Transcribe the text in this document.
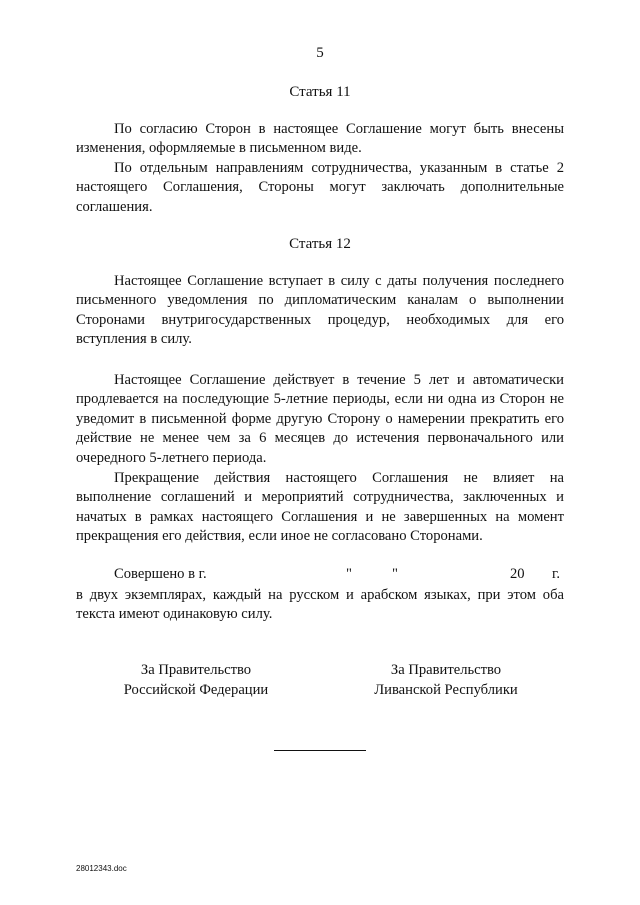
5
Статья 11
По согласию Сторон в настоящее Соглашение могут быть внесены изменения, оформляемые в письменном виде.
По отдельным направлениям сотрудничества, указанным в статье 2 настоящего Соглашения, Стороны могут заключать дополнительные соглашения.
Статья 12
Настоящее Соглашение вступает в силу с даты получения последнего письменного уведомления по дипломатическим каналам о выполнении Сторонами внутригосударственных процедур, необходимых для его вступления в силу.
Настоящее Соглашение действует в течение 5 лет и автоматически продлевается на последующие 5-летние периоды, если ни одна из Сторон не уведомит в письменной форме другую Сторону о намерении прекратить его действие не менее чем за 6 месяцев до истечения первоначального или очередного 5-летнего периода.
Прекращение действия настоящего Соглашения не влияет на выполнение соглашений и мероприятий сотрудничества, заключенных и начатых в рамках настоящего Соглашения и не завершенных на момент прекращения его действия, если иное не согласовано Сторонами.
Совершено в г.	"	"	20 г.
в двух экземплярах, каждый на русском и арабском языках, при этом оба текста имеют одинаковую силу.
За Правительство
Российской Федерации
За Правительство
Ливанской Республики
28012343.doc
